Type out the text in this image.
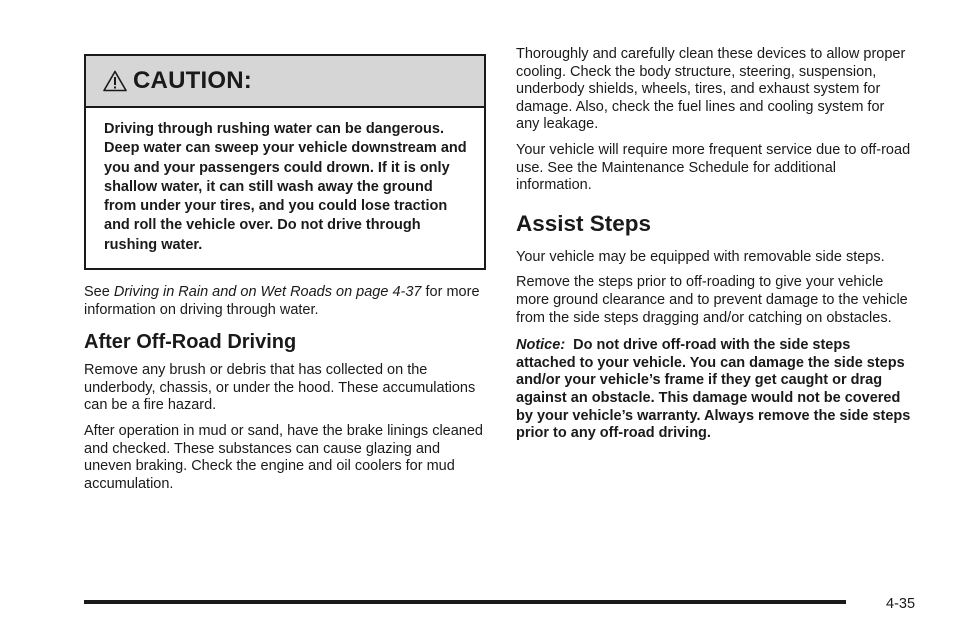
CAUTION:
Driving through rushing water can be dangerous. Deep water can sweep your vehicle downstream and you and your passengers could drown. If it is only shallow water, it can still wash away the ground from under your tires, and you could lose traction and roll the vehicle over. Do not drive through rushing water.

See Driving in Rain and on Wet Roads on page 4-37 for more information on driving through water.

After Off-Road Driving

Remove any brush or debris that has collected on the underbody, chassis, or under the hood. These accumulations can be a fire hazard.

After operation in mud or sand, have the brake linings cleaned and checked. These substances can cause glazing and uneven braking. Check the engine and oil coolers for mud accumulation.

Thoroughly and carefully clean these devices to allow proper cooling. Check the body structure, steering, suspension, underbody shields, wheels, tires, and exhaust system for damage. Also, check the fuel lines and cooling system for any leakage.

Your vehicle will require more frequent service due to off-road use. See the Maintenance Schedule for additional information.

Assist Steps

Your vehicle may be equipped with removable side steps.

Remove the steps prior to off-roading to give your vehicle more ground clearance and to prevent damage to the vehicle from the side steps dragging and/or catching on obstacles.

Notice: Do not drive off-road with the side steps attached to your vehicle. You can damage the side steps and/or your vehicle’s frame if they get caught or drag against an obstacle. This damage would not be covered by your vehicle’s warranty. Always remove the side steps prior to any off-road driving.

4-35
